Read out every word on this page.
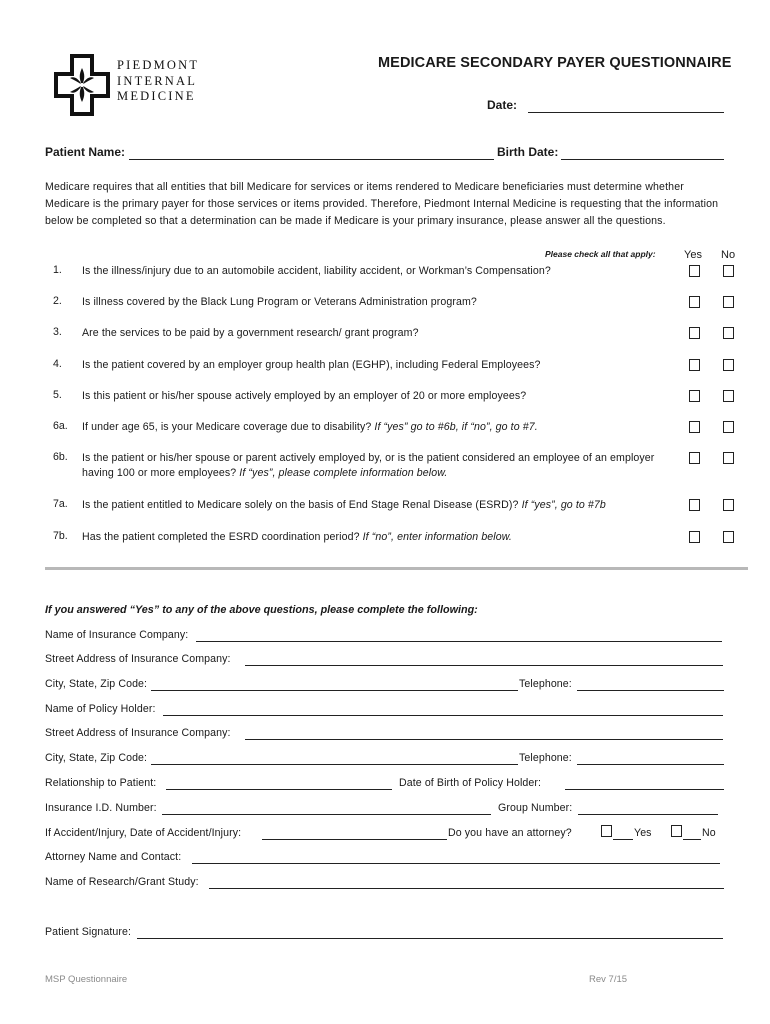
PIEDMONT
INTERNAL
MEDICINE
MEDICARE SECONDARY PAYER QUESTIONNAIRE
Date:
Patient Name:	Birth Date:
Medicare requires that all entities that bill Medicare for services or items rendered to Medicare beneficiaries must determine whether Medicare is the primary payer for those services or items provided. Therefore, Piedmont Internal Medicine is requesting that the information below be completed so that a determination can be made if Medicare is your primary insurance, please answer all the questions.
Please check all that apply:	Yes No
1. Is the illness/injury due to an automobile accident, liability accident, or Workman’s Compensation?
2. Is illness covered by the Black Lung Program or Veterans Administration program?
3. Are the services to be paid by a government research/ grant program?
4. Is the patient covered by an employer group health plan (EGHP), including Federal Employees?
5. Is this patient or his/her spouse actively employed by an employer of 20 or more employees?
6a. If under age 65, is your Medicare coverage due to disability? If “yes” go to #6b, if “no”, go to #7.
6b. Is the patient or his/her spouse or parent actively employed by, or is the patient considered an employee of an employer having 100 or more employees? If “yes”, please complete information below.
7a. Is the patient entitled to Medicare solely on the basis of End Stage Renal Disease (ESRD)? If “yes”, go to #7b
7b. Has the patient completed the ESRD coordination period? If “no”, enter information below.
If you answered “Yes” to any of the above questions, please complete the following:
Name of Insurance Company:
Street Address of Insurance Company:
City, State, Zip Code:	Telephone:
Name of Policy Holder:
Street Address of Insurance Company:
City, State, Zip Code:	Telephone:
Relationship to Patient:	Date of Birth of Policy Holder:
Insurance I.D. Number:	Group Number:
If Accident/Injury, Date of Accident/Injury:	Do you have an attorney?	Yes	No
Attorney Name and Contact:
Name of Research/Grant Study:
Patient Signature:
MSP Questionnaire	Rev 7/15
